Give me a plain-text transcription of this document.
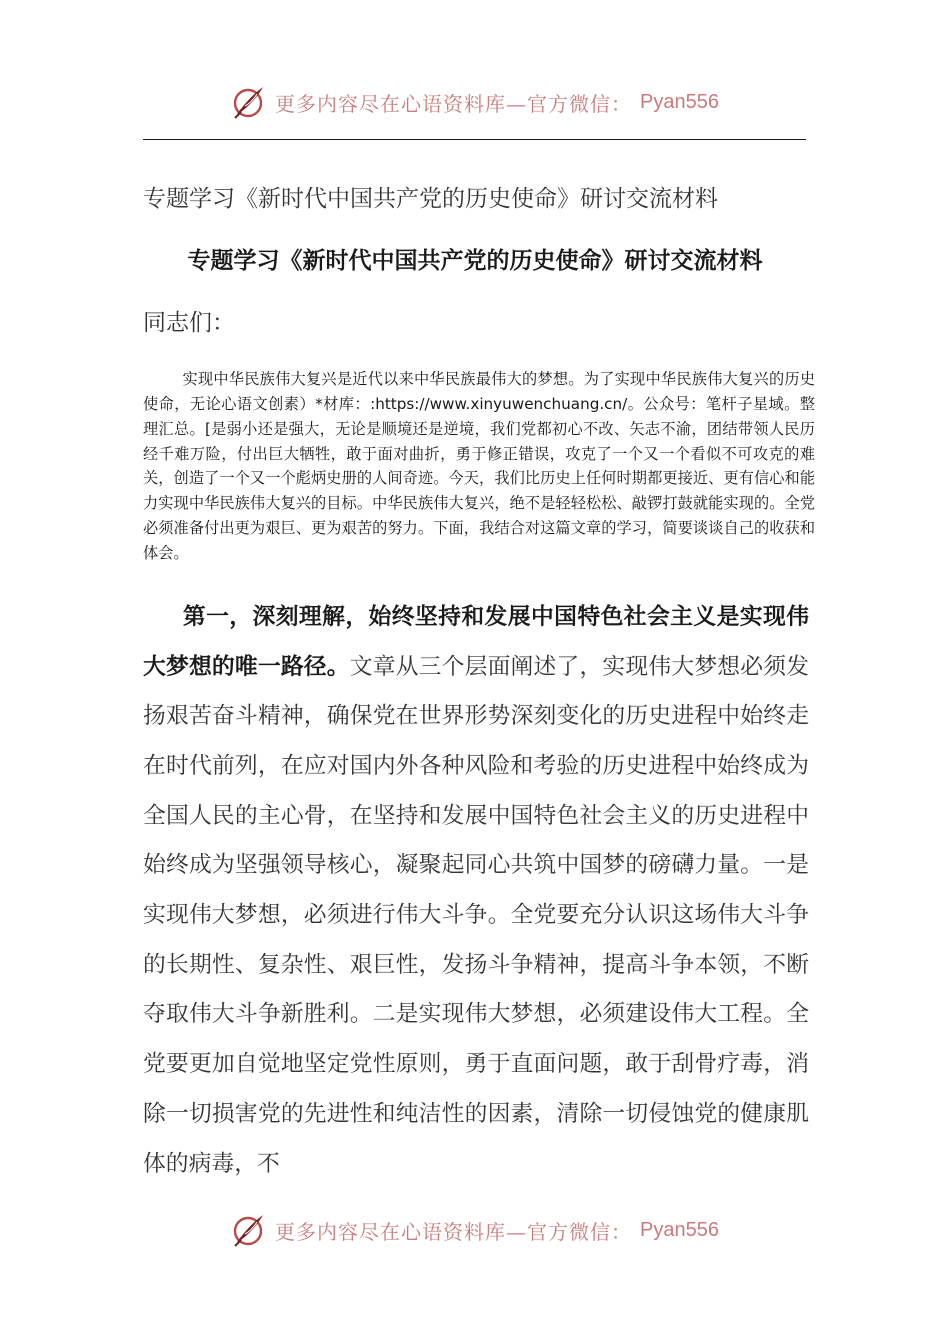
更多内容尽在心语资料库—官方微信： Pyan556
专题学习《新时代中国共产党的历史使命》研讨交流材料
专题学习《新时代中国共产党的历史使命》研讨交流材料
同志们：

实现中华民族伟大复兴是近代以来中华民族最伟大的梦想。为了实现中华民族伟大复兴的历史使命，无论心语文创素）*材库：:https://www.xinyuwenchuang.cn/。公众号：笔杆子星域。整理汇总。[是弱小还是强大，无论是顺境还是逆境，我们党都初心不改、矢志不渝，团结带领人民历经千难万险，付出巨大牺牲，敢于面对曲折，勇于修正错误，攻克了一个又一个看似不可攻克的难关，创造了一个又一个彪炳史册的人间奇迹。今天，我们比历史上任何时期都更接近、更有信心和能力实现中华民族伟大复兴的目标。中华民族伟大复兴，绝不是轻轻松松、敲锣打鼓就能实现的。全党必须准备付出更为艰巨、更为艰苦的努力。下面，我结合对这篇文章的学习，简要谈谈自己的收获和体会。

第一，深刻理解，始终坚持和发展中国特色社会主义是实现伟大梦想的唯一路径。文章从三个层面阐述了，实现伟大梦想必须发扬艰苦奋斗精神，确保党在世界形势深刻变化的历史进程中始终走在时代前列，在应对国内外各种风险和考验的历史进程中始终成为全国人民的主心骨，在坚持和发展中国特色社会主义的历史进程中始终成为坚强领导核心，凝聚起同心共筑中国梦的磅礴力量。一是实现伟大梦想，必须进行伟大斗争。全党要充分认识这场伟大斗争的长期性、复杂性、艰巨性，发扬斗争精神，提高斗争本领，不断夺取伟大斗争新胜利。二是实现伟大梦想，必须建设伟大工程。全党要更加自觉地坚定党性原则，勇于直面问题，敢于刮骨疗毒，消除一切损害党的先进性和纯洁性的因素，清除一切侵蚀党的健康肌体的病毒，不

更多内容尽在心语资料库—官方微信： Pyan556
